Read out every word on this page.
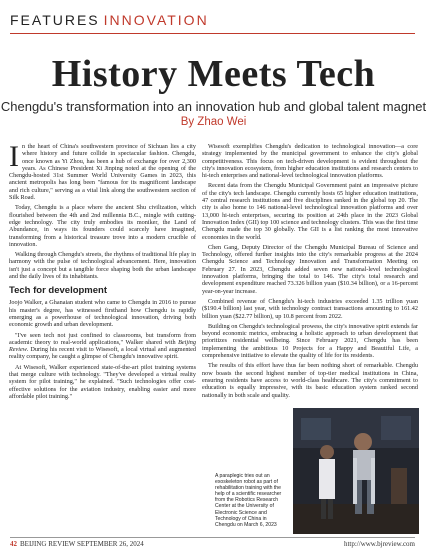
FEATURES INNOVATION
History Meets Tech
Chengdu's transformation into an innovation hub and global talent magnet
By Zhao Wei

In the heart of China's southwestern province of Sichuan lies a city where history and future collide in spectacular fashion. Chengdu, once known as Yi Zhou, has been a hub of exchange for over 2,300 years. As Chinese President Xi Jinping noted at the opening of the Chengdu-hosted 31st Summer World University Games in 2023, this ancient metropolis has long been "famous for its magnificent landscape and rich culture," serving as a vital link along the southwestern section of Silk Road.

Today, Chengdu is a place where the ancient Shu civilization, which flourished between the 4th and 2nd millennia B.C., mingle with cutting-edge technology. The city truly embodies its moniker, the Land of Abundance, in ways its founders could scarcely have imagined, transforming from a historical treasure trove into a modern crucible of innovation.

Walking through Chengdu's streets, the rhythms of traditional life play in harmony with the pulse of technological advancement. Here, innovation isn't just a concept but a tangible force shaping both the urban landscape and the daily lives of its inhabitants.

Tech for development

Joojo Walker, a Ghanaian student who came to Chengdu in 2016 to pursue his master's degree, has witnessed firsthand how Chengdu is rapidly emerging as a powerhouse of technological innovation, driving both economic growth and urban development.

"I've seen tech not just confined to classrooms, but transform from academic theory to real-world applications," Walker shared with Beijing Review. During his recent visit to Wisesoft, a local virtual and augmented reality company, he caught a glimpse of Chengdu's innovative spirit.

At Wisesoft, Walker experienced state-of-the-art pilot training systems that merge culture with technology. "They've developed a virtual reality system for pilot training," he explained. "Such technologies offer cost-effective solutions for the aviation industry, enabling easier and more affordable pilot training."

Wisesoft exemplifies Chengdu's dedication to technological innovation—a core strategy implemented by the municipal government to enhance the city's global competitiveness. This focus on tech-driven development is evident throughout the city's innovation ecosystem, from higher education institutions and research centers to hi-tech enterprises and national-level technological innovation platforms.

Recent data from the Chengdu Municipal Government paint an impressive picture of the city's tech landscape. Chengdu currently hosts 65 higher education institutions, 47 central research institutions and five disciplines ranked in the global top 20. The city is also home to 146 national-level technological innovation platforms and over 13,000 hi-tech enterprises, securing its position at 24th place in the 2023 Global Innovation Index (GII) top 100 science and technology clusters. This was the first time Chengdu made the top 30 globally. The GII is a list ranking the most innovative economies in the world.

Chen Gang, Deputy Director of the Chengdu Municipal Bureau of Science and Technology, offered further insights into the city's remarkable progress at the 2024 Chengdu Science and Technology Innovation and Transformation Meeting on February 27. In 2023, Chengdu added seven new national-level technological innovation platforms, bringing the total to 146. The city's total research and development expenditure reached 73.326 billion yuan ($10.34 billion), or a 16-percent year-on-year increase.

Combined revenue of Chengdu's hi-tech industries exceeded 1.35 trillion yuan ($190.4 billion) last year, with technology contract transactions amounting to 161.42 billion yuan ($22.77 billion), up 10.8 percent from 2022.

Building on Chengdu's technological prowess, the city's innovative spirit extends far beyond economic metrics, embracing a holistic approach to urban development that prioritizes residential wellbeing. Since February 2021, Chengdu has been implementing the ambitious 10 Projects for a Happy and Beautiful Life, a comprehensive initiative to elevate the quality of life for its residents.

The results of this effort have thus far been nothing short of remarkable. Chengdu now boasts the second highest number of top-tier medical institutions in China, ensuring residents have access to world-class healthcare. The city's commitment to education is equally impressive, with its basic education system ranked second nationally in both scale and quality.

A paraplegic tries out an exoskeleton robot as part of rehabilitation training with the help of a scientific researcher from the Robotics Research Center at the University of Electronic Science and Technology of China in Chengdu on March 6, 2023
42 BEIJING REVIEW SEPTEMBER 26, 2024	http://www.bjreview.com
